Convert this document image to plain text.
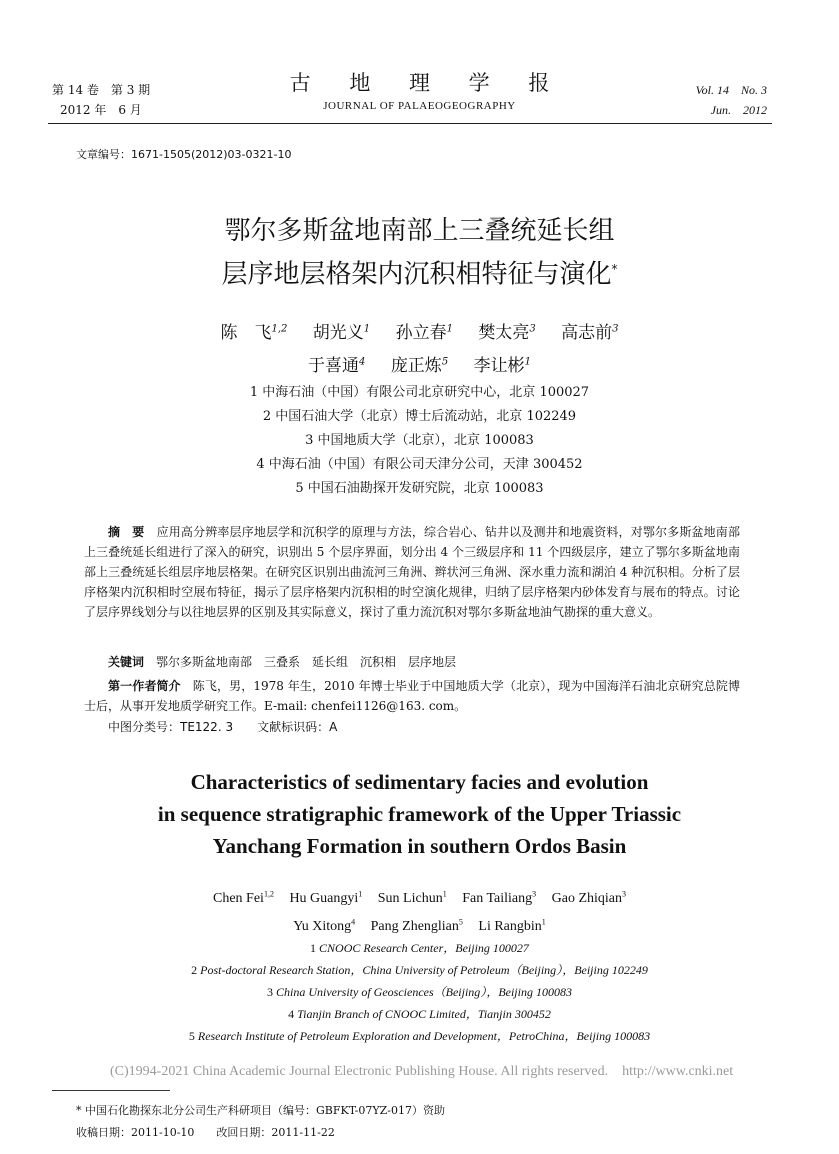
第 14 卷　第 3 期
2012 年　6 月
古 地 理 学 报
JOURNAL OF PALAEOGEOGRAPHY
Vol. 14　No. 3
Jun.　2012
文章编号：1671-1505(2012)03-0321-10
鄂尔多斯盆地南部上三叠统延长组
层序地层格架内沉积相特征与演化*
陈　飞$^{1,2}$ 胡光义$^1$ 孙立春$^1$ 樊太亮$^3$ 高志前$^3$
于喜通$^4$ 庞正炼$^5$ 李让彬$^1$
1 中海石油（中国）有限公司北京研究中心，北京 100027
2 中国石油大学（北京）博士后流动站，北京 102249
3 中国地质大学（北京），北京 100083
4 中海石油（中国）有限公司天津分公司，天津 300452
5 中国石油勘探开发研究院，北京 100083
摘　要　 应用高分辨率层序地层学和沉积学的原理与方法，综合岩心、钻井以及测井和地震资料，对鄂尔多斯盆地南部上三叠统延长组进行了深入的研究，识别出 5 个层序界面，划分出 4 个三级层序和 11 个四级层序，建立了鄂尔多斯盆地南部上三叠统延长组层序地层格架。在研究区识别出曲流河三角洲、辫状河三角洲、深水重力流和湖泊 4 种沉积相。分析了层序格架内沉积相时空展布特征，揭示了层序格架内沉积相的时空演化规律，归纳了层序格架内砂体发育与展布的特点。讨论了层序界线划分与以往地层界的区别及其实际意义，探讨了重力流沉积对鄂尔多斯盆地油气勘探的重大意义。
关键词　 鄂尔多斯盆地南部　三叠系　延长组　沉积相　层序地层
第一作者简介　 陈飞，男，1978 年生，2010 年博士毕业于中国地质大学（北京），现为中国海洋石油北京研究总院博士后，从事开发地质学研究工作。E-mail: chenfei1126@163. com。
中图分类号：TE122. 3 文献标识码：A
Characteristics of sedimentary facies and evolution
in sequence stratigraphic framework of the Upper Triassic
Yanchang Formation in southern Ordos Basin
Chen Fei$^{1,2}$ Hu Guangyi$^1$ Sun Lichun$^1$ Fan Tailiang$^3$ Gao Zhiqian$^3$
Yu Xitong$^4$ Pang Zhenglian$^5$ Li Rangbin$^1$
1 CNOOC Research Center，Beijing 100027
2 Post-doctoral Research Station，China University of Petroleum（Beijing），Beijing 102249
3 China University of Geosciences（Beijing），Beijing 100083
4 Tianjin Branch of CNOOC Limited，Tianjin 300452
5 Research Institute of Petroleum Exploration and Development，PetroChina，Beijing 100083
(C)1994-2021 China Academic Journal Electronic Publishing House. All rights reserved.　http://www.cnki.net
* 中国石化勘探东北分公司生产科研项目（编号：GBFKT-07YZ-017）资助
收稿日期：2011-10-10 改回日期：2011-11-22
